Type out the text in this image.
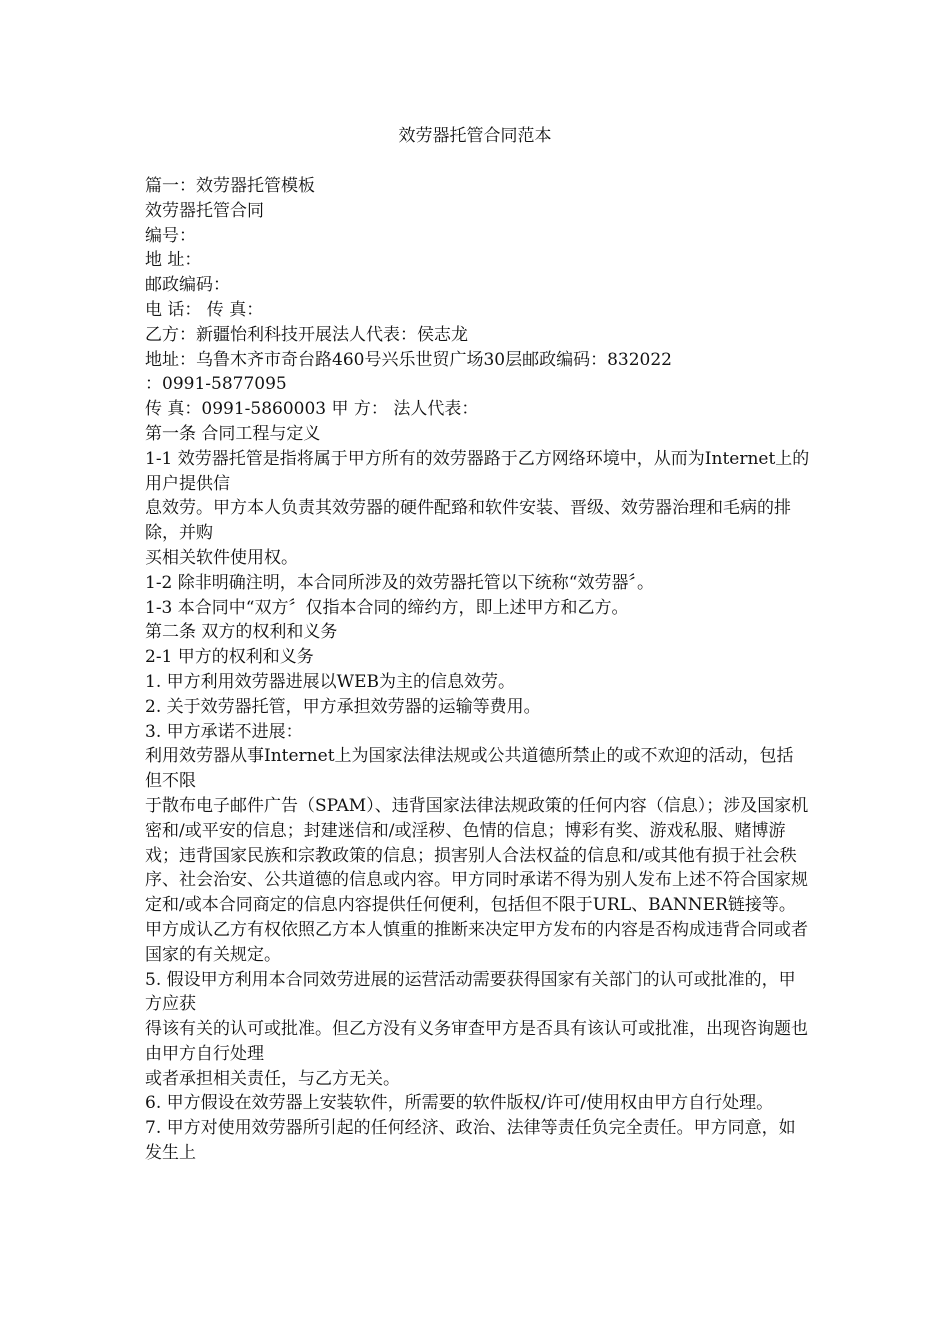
效劳器托管合同范本
篇一：效劳器托管模板
效劳器托管合同
编号：
地 址：
邮政编码：
电 话： 传 真：
乙方：新疆怡利科技开展法人代表：侯志龙
地址：乌鲁木齐市奇台路460号兴乐世贸广场30层邮政编码：832022
：0991-5877095
传 真：0991-5860003 甲 方： 法人代表：
第一条 合同工程与定义
1-1 效劳器托管是指将属于甲方所有的效劳器路于乙方网络环境中，从而为Internet上的用户提供信
息效劳。甲方本人负责其效劳器的硬件配臵和软件安装、晋级、效劳器治理和毛病的排除，并购
买相关软件使用权。
1-2 除非明确注明，本合同所涉及的效劳器托管以下统称“效劳器〞。
1-3 本合同中“双方〞仅指本合同的缔约方，即上述甲方和乙方。
第二条 双方的权利和义务
2-1 甲方的权利和义务
1. 甲方利用效劳器进展以WEB为主的信息效劳。
2. 关于效劳器托管，甲方承担效劳器的运输等费用。
3. 甲方承诺不进展：
利用效劳器从事Internet上为国家法律法规或公共道德所禁止的或不欢迎的活动，包括但不限
于散布电子邮件广告（SPAM）、违背国家法律法规政策的任何内容（信息）；涉及国家机密和/或平安的信息；封建迷信和/或淫秽、色情的信息；博彩有奖、游戏私服、赌博游戏；违背国家民族和宗教政策的信息；损害别人合法权益的信息和/或其他有损于社会秩序、社会治安、公共道德的信息或内容。甲方同时承诺不得为别人发布上述不符合国家规定和/或本合同商定的信息内容提供任何便利，包括但不限于URL、BANNER链接等。甲方成认乙方有权依照乙方本人慎重的推断来决定甲方发布的内容是否构成违背合同或者国家的有关规定。
5. 假设甲方利用本合同效劳进展的运营活动需要获得国家有关部门的认可或批准的，甲方应获
得该有关的认可或批准。但乙方没有义务审查甲方是否具有该认可或批准，出现咨询题也由甲方自行处理
或者承担相关责任，与乙方无关。
6. 甲方假设在效劳器上安装软件，所需要的软件版权/许可/使用权由甲方自行处理。
7. 甲方对使用效劳器所引起的任何经济、政治、法律等责任负完全责任。甲方同意，如发生上
